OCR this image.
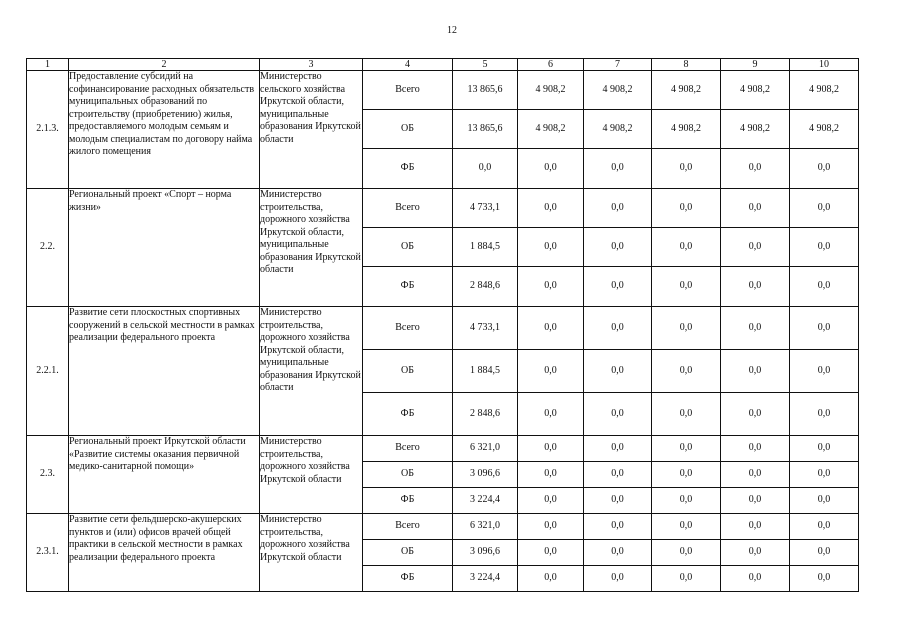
12
1	2	3	4	5	6	7	8	9	10
2.1.3.	Предоставление субсидий на софинансирование расходных обязательств муниципальных образований по строительству (приобретению) жилья, предоставляемого молодым семьям и молодым специалистам по договору найма жилого помещения	Министерство сельского хозяйства Иркутской области, муниципальные образования Иркутской области	Всего	13 865,6	4 908,2	4 908,2	4 908,2	4 908,2	4 908,2
			ОБ	13 865,6	4 908,2	4 908,2	4 908,2	4 908,2	4 908,2
			ФБ	0,0	0,0	0,0	0,0	0,0	0,0
2.2.	Региональный проект «Спорт – норма жизни»	Министерство строительства, дорожного хозяйства Иркутской области, муниципальные образования Иркутской области	Всего	4 733,1	0,0	0,0	0,0	0,0	0,0
			ОБ	1 884,5	0,0	0,0	0,0	0,0	0,0
			ФБ	2 848,6	0,0	0,0	0,0	0,0	0,0
2.2.1.	Развитие сети плоскостных спортивных сооружений в сельской местности в рамках реализации федерального проекта	Министерство строительства, дорожного хозяйства Иркутской области, муниципальные образования Иркутской области	Всего	4 733,1	0,0	0,0	0,0	0,0	0,0
			ОБ	1 884,5	0,0	0,0	0,0	0,0	0,0
			ФБ	2 848,6	0,0	0,0	0,0	0,0	0,0
2.3.	Региональный проект Иркутской области «Развитие системы оказания первичной медико-санитарной помощи»	Министерство строительства, дорожного хозяйства Иркутской области	Всего	6 321,0	0,0	0,0	0,0	0,0	0,0
			ОБ	3 096,6	0,0	0,0	0,0	0,0	0,0
			ФБ	3 224,4	0,0	0,0	0,0	0,0	0,0
2.3.1.	Развитие сети фельдшерско-акушерских пунктов и (или) офисов врачей общей практики в сельской местности в рамках реализации федерального проекта	Министерство строительства, дорожного хозяйства Иркутской области	Всего	6 321,0	0,0	0,0	0,0	0,0	0,0
			ОБ	3 096,6	0,0	0,0	0,0	0,0	0,0
			ФБ	3 224,4	0,0	0,0	0,0	0,0	0,0
